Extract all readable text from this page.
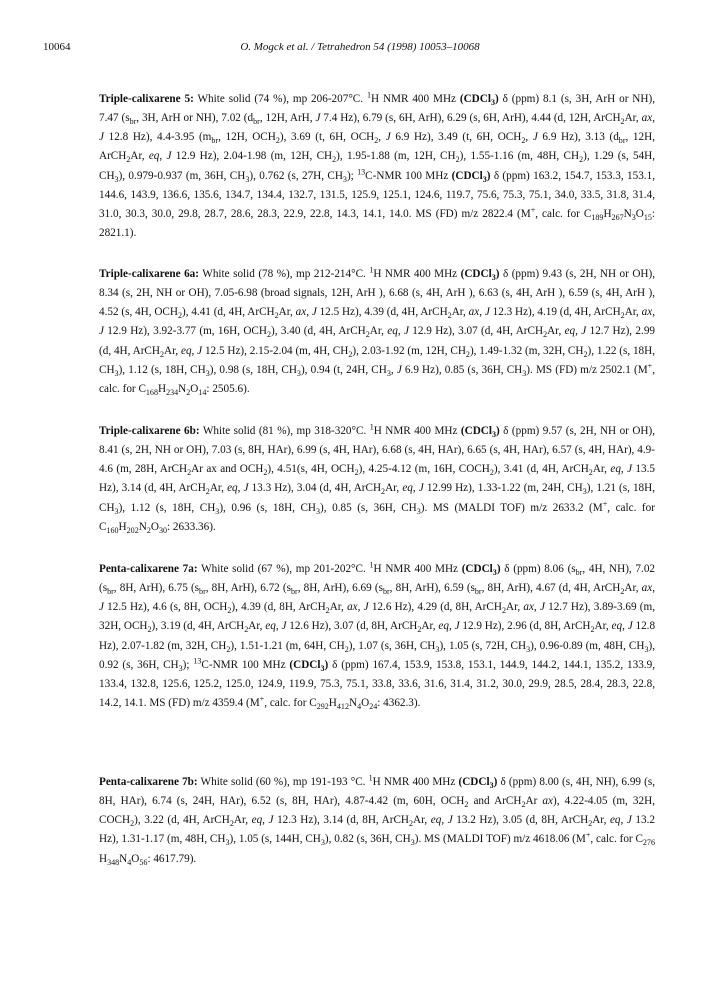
10064	O. Mogck et al. / Tetrahedron 54 (1998) 10053–10068

Triple-calixarene 5: White solid (74 %), mp 206-207°C. $^1$H NMR 400 MHz (CDCl$_3$) δ (ppm) 8.1 (s, 3H, ArH or NH), 7.47 ($s_{br}$, 3H, ArH or NH), 7.02 ($d_{br}$, 12H, ArH, J 7.4 Hz), 6.79 (s, 6H, ArH), 6.29 (s, 6H, ArH), 4.44 (d, 12H, ArCH$_2$Ar, ax, J 12.8 Hz), 4.4-3.95 ($m_{br}$, 12H, $OCH_2$), 3.69 (t, 6H, $OCH_2$, J 6.9 Hz), 3.49 (t, 6H, $OCH_2$, J 6.9 Hz), 3.13 ($d_{br}$, 12H, ArCH$_2$Ar, eq, J 12.9 Hz), 2.04-1.98 (m, 12H, $CH_2$), 1.95-1.88 (m, 12H, $CH_2$), 1.55-1.16 (m, 48H, $CH_2$), 1.29 (s, 54H, $CH_3$), 0.979-0.937 (m, 36H, $CH_3$), 0.762 (s, 27H, $CH_3$); $^{13}$C-NMR 100 MHz (CDCl$_3$) δ (ppm) 163.2, 154.7, 153.3, 153.1, 144.6, 143.9, 136.6, 135.6, 134.7, 134.4, 132.7, 131.5, 125.9, 125.1, 124.6, 119.7, 75.6, 75.3, 75.1, 34.0, 33.5, 31.8, 31.4, 31.0, 30.3, 30.0, 29.8, 28.7, 28.6, 28.3, 22.9, 22.8, 14.3, 14.1, 14.0. MS (FD) m/z 2822.4 (M+, calc. for $C_{189}H_{267}N_3O_{15}$: 2821.1).

Triple-calixarene 6a: White solid (78 %), mp 212-214°C. $^1$H NMR 400 MHz (CDCl$_3$) δ (ppm) 9.43 (s, 2H, NH or OH), 8.34 (s, 2H, NH or OH), 7.05-6.98 (broad signals, 12H, ArH ), 6.68 (s, 4H, ArH ), 6.63 (s, 4H, ArH ), 6.59 (s, 4H, ArH ), 4.52 (s, 4H, $OCH_2$), 4.41 (d, 4H, ArCH$_2$Ar, ax, J 12.5 Hz), 4.39 (d, 4H, ArCH$_2$Ar, ax, J 12.3 Hz), 4.19 (d, 4H, ArCH$_2$Ar, ax, J 12.9 Hz), 3.92-3.77 (m, 16H, $OCH_2$), 3.40 (d, 4H, ArCH$_2$Ar, eq, J 12.9 Hz), 3.07 (d, 4H, ArCH$_2$Ar, eq, J 12.7 Hz), 2.99 (d, 4H, ArCH$_2$Ar, eq, J 12.5 Hz), 2.15-2.04 (m, 4H, $CH_2$), 2.03-1.92 (m, 12H, $CH_2$), 1.49-1.32 (m, 32H, $CH_2$), 1.22 (s, 18H, $CH_3$), 1.12 (s, 18H, $CH_3$), 0.98 (s, 18H, $CH_3$), 0.94 (t, 24H, $CH_3$, J 6.9 Hz), 0.85 (s, 36H, $CH_3$). MS (FD) m/z 2502.1 (M+, calc. for $C_{168}H_{234}N_2O_{14}$: 2505.6).

Triple-calixarene 6b: White solid (81 %), mp 318-320°C. $^1$H NMR 400 MHz (CDCl$_3$) δ (ppm) 9.57 (s, 2H, NH or OH), 8.41 (s, 2H, NH or OH), 7.03 (s, 8H, HAr), 6.99 (s, 4H, HAr), 6.68 (s, 4H, HAr), 6.65 (s, 4H, HAr), 6.57 (s, 4H, HAr), 4.9-4.6 (m, 28H, ArCH$_2$Ar ax and $OCH_2$), 4.51(s, 4H, $OCH_2$), 4.25-4.12 (m, 16H, $COCH_2$), 3.41 (d, 4H, ArCH$_2$Ar, eq, J 13.5 Hz), 3.14 (d, 4H, ArCH$_2$Ar, eq, J 13.3 Hz), 3.04 (d, 4H, ArCH$_2$Ar, eq, J 12.99 Hz), 1.33-1.22 (m, 24H, $CH_3$), 1.21 (s, 18H, $CH_3$), 1.12 (s, 18H, $CH_3$), 0.96 (s, 18H, $CH_3$), 0.85 (s, 36H, $CH_3$). MS (MALDI TOF) m/z 2633.2 (M+, calc. for $C_{160}H_{202}N_2O_{30}$: 2633.36).

Penta-calixarene 7a: White solid (67 %), mp 201-202°C. $^1$H NMR 400 MHz (CDCl$_3$) δ (ppm) 8.06 ($s_{br}$, 4H, NH), 7.02 ($s_{br}$, 8H, ArH), 6.75 ($s_{br}$, 8H, ArH), 6.72 ($s_{br}$, 8H, ArH), 6.69 ($s_{br}$, 8H, ArH), 6.59 ($s_{br}$, 8H, ArH), 4.67 (d, 4H, ArCH$_2$Ar, ax, J 12.5 Hz), 4.6 (s, 8H, $OCH_2$), 4.39 (d, 8H, ArCH$_2$Ar, ax, J 12.6 Hz), 4.29 (d, 8H, ArCH$_2$Ar, ax, J 12.7 Hz), 3.89-3.69 (m, 32H, $OCH_2$), 3.19 (d, 4H, ArCH$_2$Ar, eq, J 12.6 Hz), 3.07 (d, 8H, ArCH$_2$Ar, eq, J 12.9 Hz), 2.96 (d, 8H, ArCH$_2$Ar, eq, J 12.8 Hz), 2.07-1.82 (m, 32H, $CH_2$), 1.51-1.21 (m, 64H, $CH_2$), 1.07 (s, 36H, $CH_3$), 1.05 (s, 72H, $CH_3$), 0.96-0.89 (m, 48H, $CH_3$), 0.92 (s, 36H, $CH_3$); $^{13}$C-NMR 100 MHz (CDCl$_3$) δ (ppm) 167.4, 153.9, 153.8, 153.1, 144.9, 144.2, 144.1, 135.2, 133.9, 133.4, 132.8, 125.6, 125.2, 125.0, 124.9, 119.9, 75.3, 75.1, 33.8, 33.6, 31.6, 31.4, 31.2, 30.0, 29.9, 28.5, 28.4, 28.3, 22.8, 14.2, 14.1. MS (FD) m/z 4359.4 (M+, calc. for $C_{292}H_{412}N_4O_{24}$: 4362.3).

Penta-calixarene 7b: White solid (60 %), mp 191-193 °C. $^1$H NMR 400 MHz (CDCl$_3$) δ (ppm) 8.00 (s, 4H, NH), 6.99 (s, 8H, HAr), 6.74 (s, 24H, HAr), 6.52 (s, 8H, HAr), 4.87-4.42 (m, 60H, $OCH_2$ and ArCH$_2$Ar ax), 4.22-4.05 (m, 32H, $COCH_2$), 3.22 (d, 4H, ArCH$_2$Ar, eq, J 12.3 Hz), 3.14 (d, 8H, ArCH$_2$Ar, eq, J 13.2 Hz), 3.05 (d, 8H, ArCH$_2$Ar, eq, J 13.2 Hz), 1.31-1.17 (m, 48H, $CH_3$), 1.05 (s, 144H, $CH_3$), 0.82 (s, 36H, $CH_3$). MS (MALDI TOF) m/z 4618.06 (M+, calc. for $C_{276}$ $H_{348}N_4O_{56}$: 4617.79).
